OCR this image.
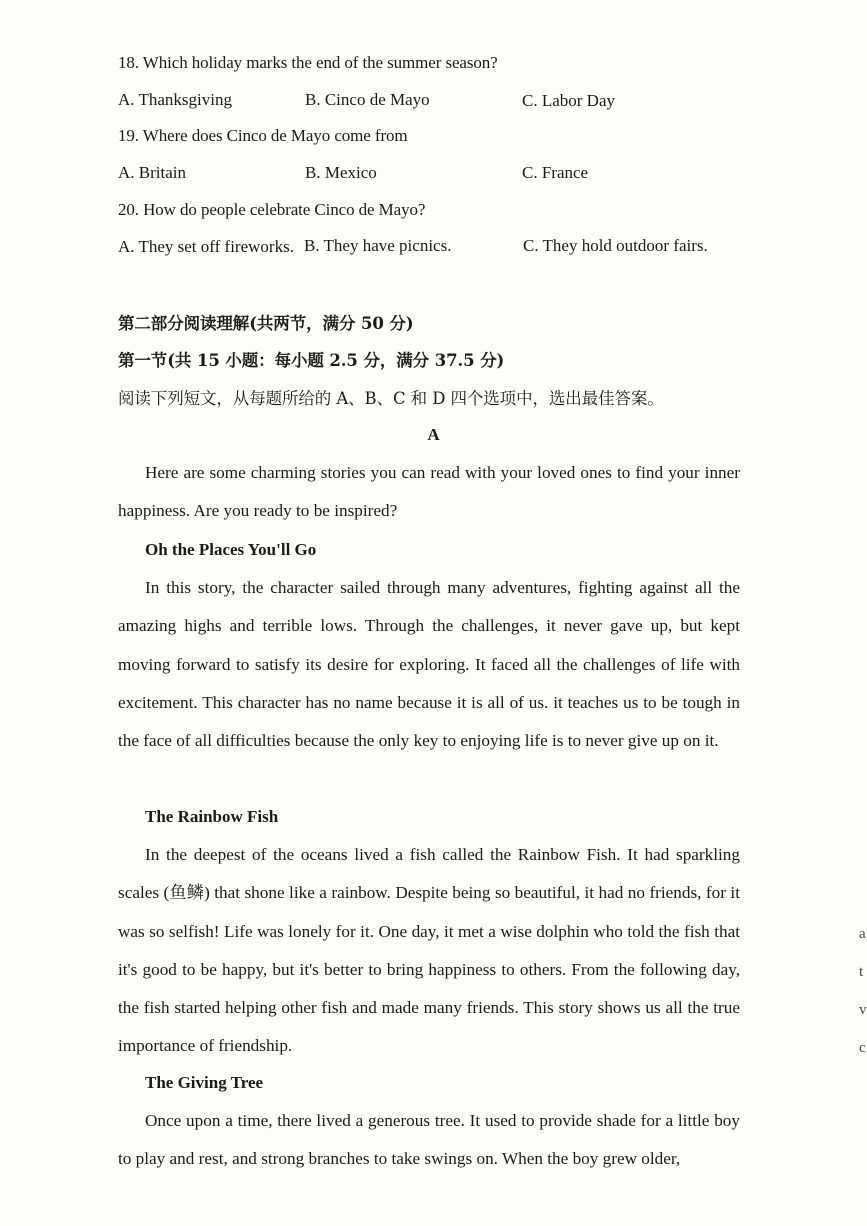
18. Which holiday marks the end of the summer season?
A. Thanksgiving	B. Cinco de Mayo	C. Labor Day
19. Where does Cinco de Mayo come from
A. Britain	B. Mexico	C. France
20. How do people celebrate Cinco de Mayo?
A. They set off fireworks. B. They have picnics.	C. They hold outdoor fairs.
第二部分阅读理解(共两节，满分 50 分)
第一节(共 15 小题：每小题 2.5 分，满分 37.5 分)
阅读下列短文，从每题所给的 A、B、C 和 D 四个选项中，选出最佳答案。
A
Here are some charming stories you can read with your loved ones to find your inner happiness. Are you ready to be inspired?
Oh the Places You'll Go
In this story, the character sailed through many adventures, fighting against all the amazing highs and terrible lows. Through the challenges, it never gave up, but kept moving forward to satisfy its desire for exploring. It faced all the challenges of life with excitement. This character has no name because it is all of us. it teaches us to be tough in the face of all difficulties because the only key to enjoying life is to never give up on it.
The Rainbow Fish
In the deepest of the oceans lived a fish called the Rainbow Fish. It had sparkling scales (鱼鳞) that shone like a rainbow. Despite being so beautiful, it had no friends, for it was so selfish! Life was lonely for it. One day, it met a wise dolphin who told the fish that it's good to be happy, but it's better to bring happiness to others. From the following day, the fish started helping other fish and made many friends. This story shows us all the true importance of friendship.
The Giving Tree
Once upon a time, there lived a generous tree. It used to provide shade for a little boy to play and rest, and strong branches to take swings on. When the boy grew older,
a
t
v
c
